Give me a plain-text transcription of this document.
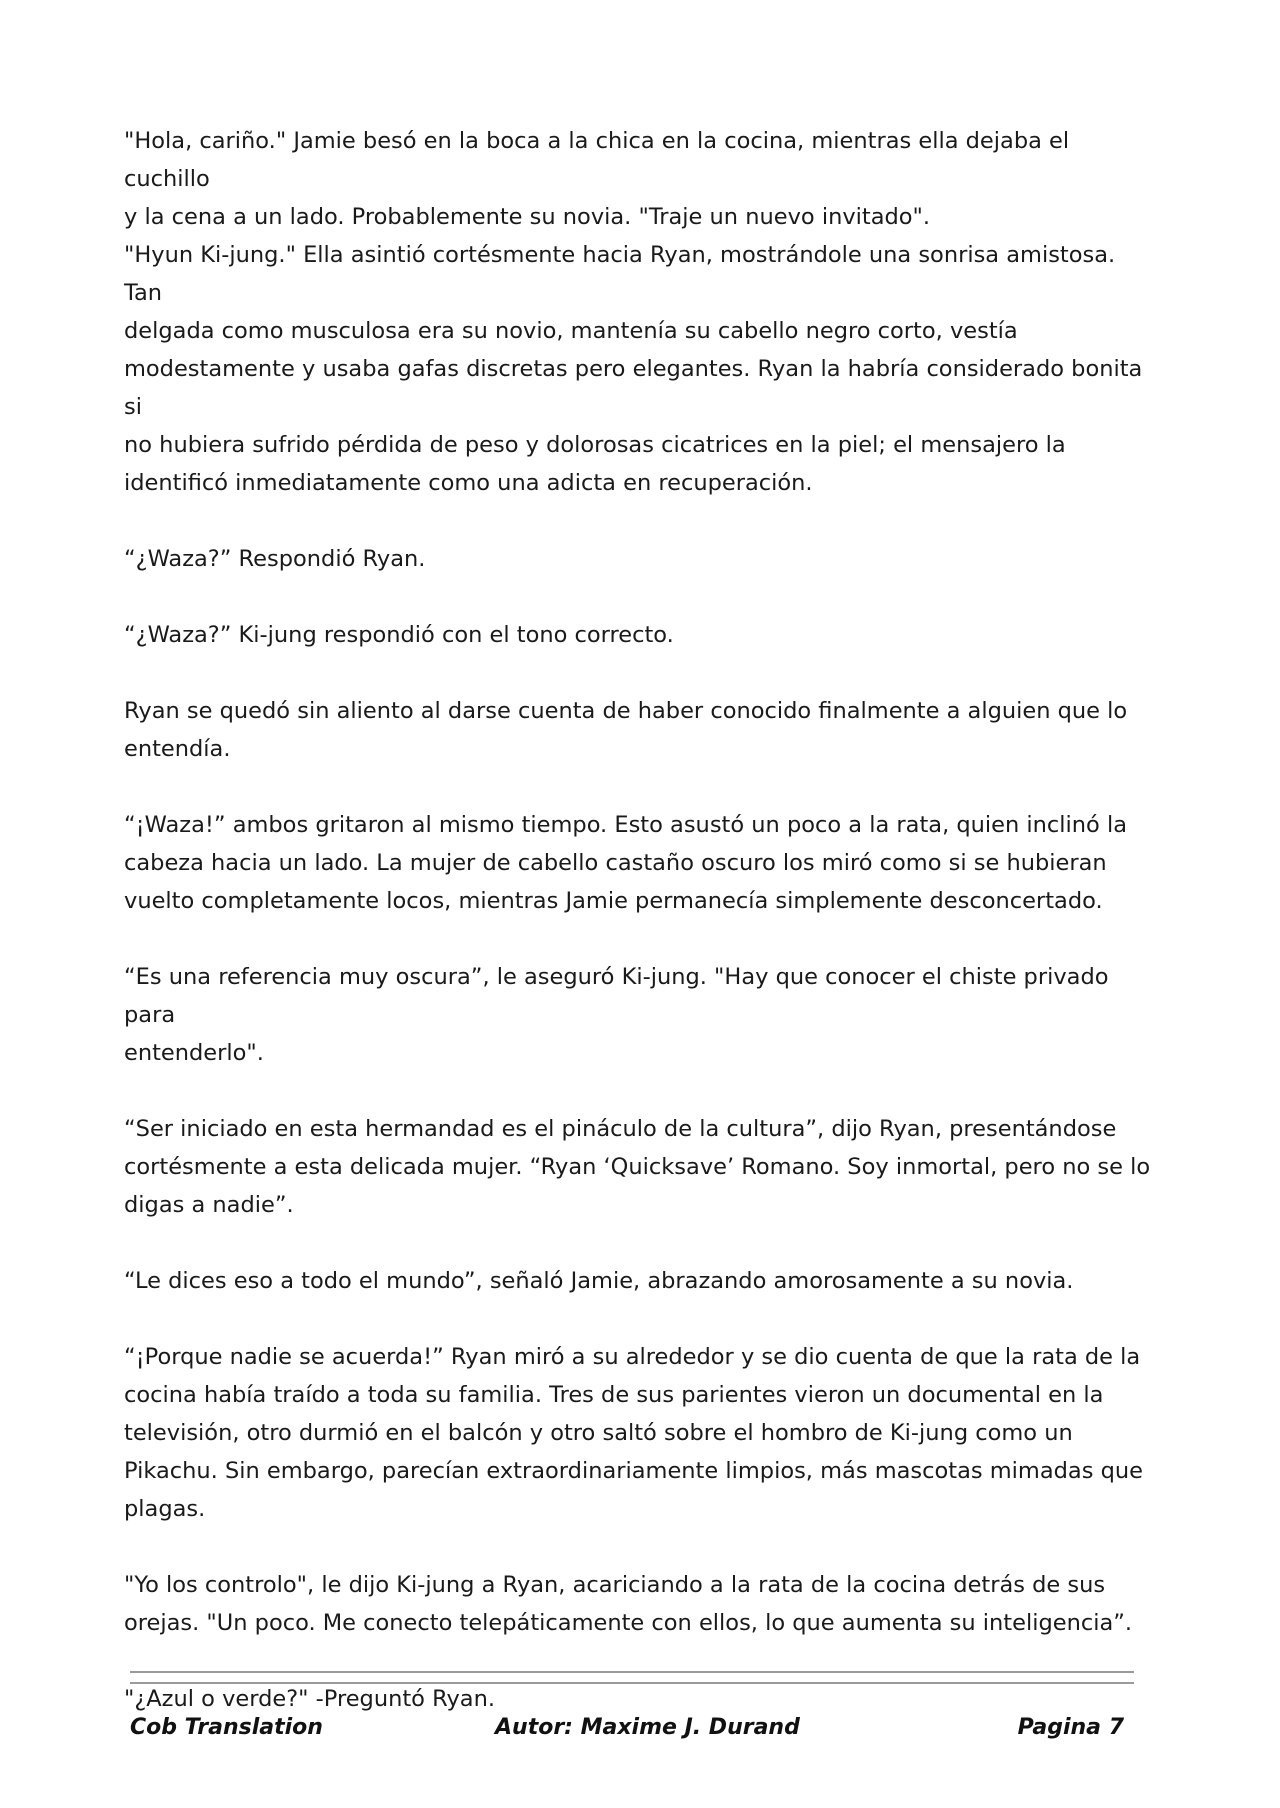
"Hola, cariño." Jamie besó en la boca a la chica en la cocina, mientras ella dejaba el cuchillo
y la cena a un lado. Probablemente su novia. "Traje un nuevo invitado".

"Hyun Ki-jung." Ella asintió cortésmente hacia Ryan, mostrándole una sonrisa amistosa. Tan
delgada como musculosa era su novio, mantenía su cabello negro corto, vestía
modestamente y usaba gafas discretas pero elegantes. Ryan la habría considerado bonita si
no hubiera sufrido pérdida de peso y dolorosas cicatrices en la piel; el mensajero la
identificó inmediatamente como una adicta en recuperación.

“¿Waza?” Respondió Ryan.

“¿Waza?” Ki-jung respondió con el tono correcto.

Ryan se quedó sin aliento al darse cuenta de haber conocido finalmente a alguien que lo
entendía.

“¡Waza!” ambos gritaron al mismo tiempo. Esto asustó un poco a la rata, quien inclinó la
cabeza hacia un lado. La mujer de cabello castaño oscuro los miró como si se hubieran
vuelto completamente locos, mientras Jamie permanecía simplemente desconcertado.

“Es una referencia muy oscura”, le aseguró Ki-jung. "Hay que conocer el chiste privado para
entenderlo".

“Ser iniciado en esta hermandad es el pináculo de la cultura”, dijo Ryan, presentándose
cortésmente a esta delicada mujer. “Ryan ‘Quicksave’ Romano. Soy inmortal, pero no se lo
digas a nadie”.

“Le dices eso a todo el mundo”, señaló Jamie, abrazando amorosamente a su novia.

“¡Porque nadie se acuerda!” Ryan miró a su alrededor y se dio cuenta de que la rata de la
cocina había traído a toda su familia. Tres de sus parientes vieron un documental en la
televisión, otro durmió en el balcón y otro saltó sobre el hombro de Ki-jung como un
Pikachu. Sin embargo, parecían extraordinariamente limpios, más mascotas mimadas que
plagas.

"Yo los controlo", le dijo Ki-jung a Ryan, acariciando a la rata de la cocina detrás de sus
orejas. "Un poco. Me conecto telepáticamente con ellos, lo que aumenta su inteligencia”.

"¿Azul o verde?" -Preguntó Ryan.

Cob Translation	Autor: Maxime J. Durand	Pagina 7
